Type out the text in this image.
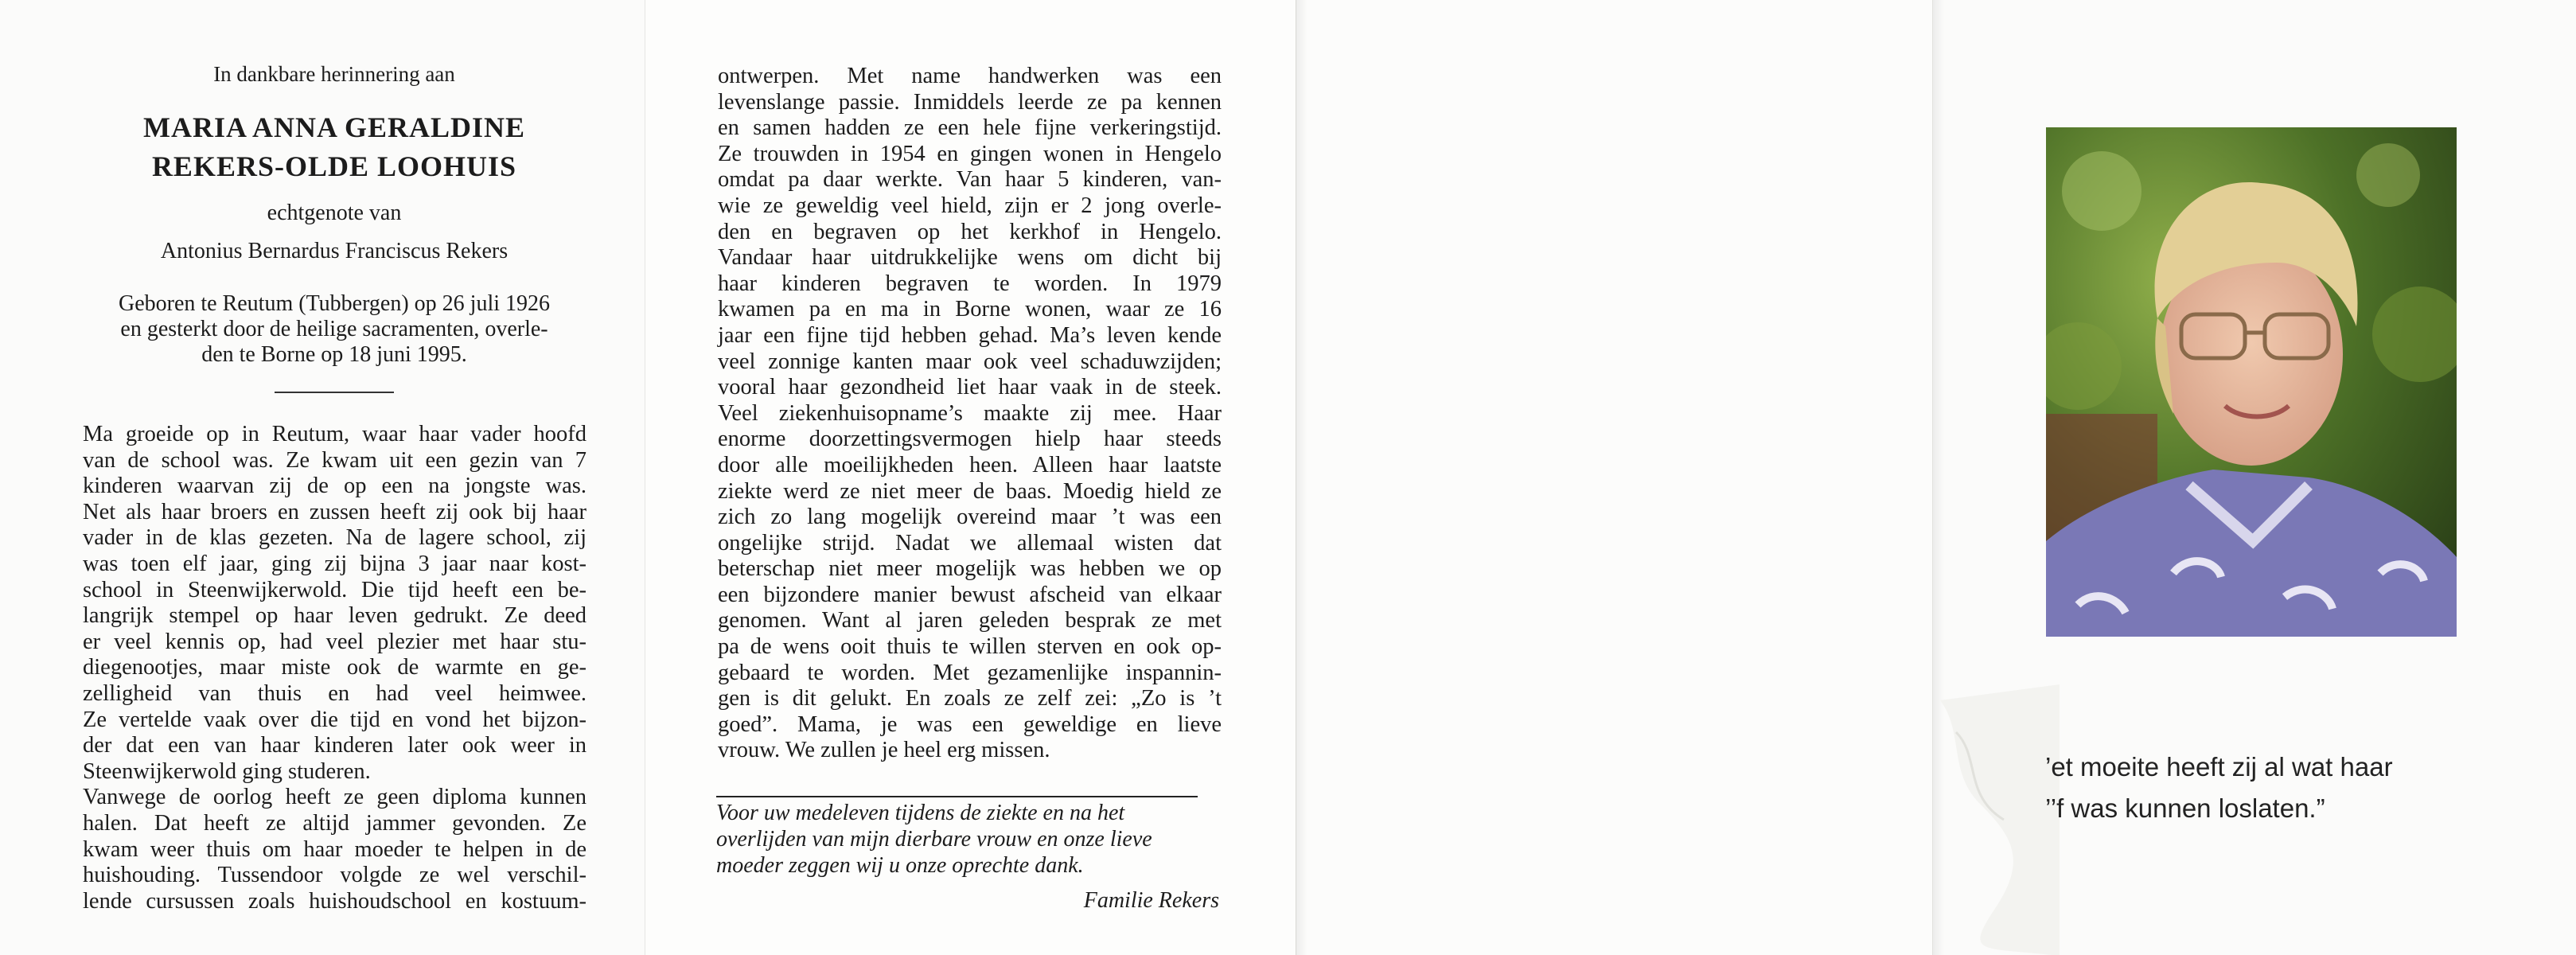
In dankbare herinnering aan
MARIA ANNA GERALDINE
REKERS-OLDE LOOHUIS
echtgenote van
Antonius Bernardus Franciscus Rekers
Geboren te Reutum (Tubbergen) op 26 juli 1926
en gesterkt door de heilige sacramenten, overle-
den te Borne op 18 juni 1995.
Ma groeide op in Reutum, waar haar vader hoofd
van de school was. Ze kwam uit een gezin van 7
kinderen waarvan zij de op een na jongste was.
Net als haar broers en zussen heeft zij ook bij haar
vader in de klas gezeten. Na de lagere school, zij
was toen elf jaar, ging zij bijna 3 jaar naar kost-
school in Steenwijkerwold. Die tijd heeft een be-
langrijk stempel op haar leven gedrukt. Ze deed
er veel kennis op, had veel plezier met haar stu-
diegenootjes, maar miste ook de warmte en ge-
zelligheid van thuis en had veel heimwee.
Ze vertelde vaak over die tijd en vond het bijzon-
der dat een van haar kinderen later ook weer in
Steenwijkerwold ging studeren.
Vanwege de oorlog heeft ze geen diploma kunnen
halen. Dat heeft ze altijd jammer gevonden. Ze
kwam weer thuis om haar moeder te helpen in de
huishouding. Tussendoor volgde ze wel verschil-
lende cursussen zoals huishoudschool en kostuum-
ontwerpen. Met name handwerken was een
levenslange passie. Inmiddels leerde ze pa kennen
en samen hadden ze een hele fijne verkeringstijd.
Ze trouwden in 1954 en gingen wonen in Hengelo
omdat pa daar werkte. Van haar 5 kinderen, van-
wie ze geweldig veel hield, zijn er 2 jong overle-
den en begraven op het kerkhof in Hengelo.
Vandaar haar uitdrukkelijke wens om dicht bij
haar kinderen begraven te worden. In 1979
kwamen pa en ma in Borne wonen, waar ze 16
jaar een fijne tijd hebben gehad. Ma’s leven kende
veel zonnige kanten maar ook veel schaduwzijden;
vooral haar gezondheid liet haar vaak in de steek.
Veel ziekenhuisopname’s maakte zij mee. Haar
enorme doorzettingsvermogen hielp haar steeds
door alle moeilijkheden heen. Alleen haar laatste
ziekte werd ze niet meer de baas. Moedig hield ze
zich zo lang mogelijk overeind maar ’t was een
ongelijke strijd. Nadat we allemaal wisten dat
beterschap niet meer mogelijk was hebben we op
een bijzondere manier bewust afscheid van elkaar
genomen. Want al jaren geleden besprak ze met
pa de wens ooit thuis te willen sterven en ook op-
gebaard te worden. Met gezamenlijke inspannin-
gen is dit gelukt. En zoals ze zelf zei: „Zo is ’t
goed”. Mama, je was een geweldige en lieve
vrouw. We zullen je heel erg missen.
Voor uw medeleven tijdens de ziekte en na het
overlijden van mijn dierbare vrouw en onze lieve
moeder zeggen wij u onze oprechte dank.
Familie Rekers
’et moeite heeft zij al wat haar
’’f was kunnen loslaten.”
